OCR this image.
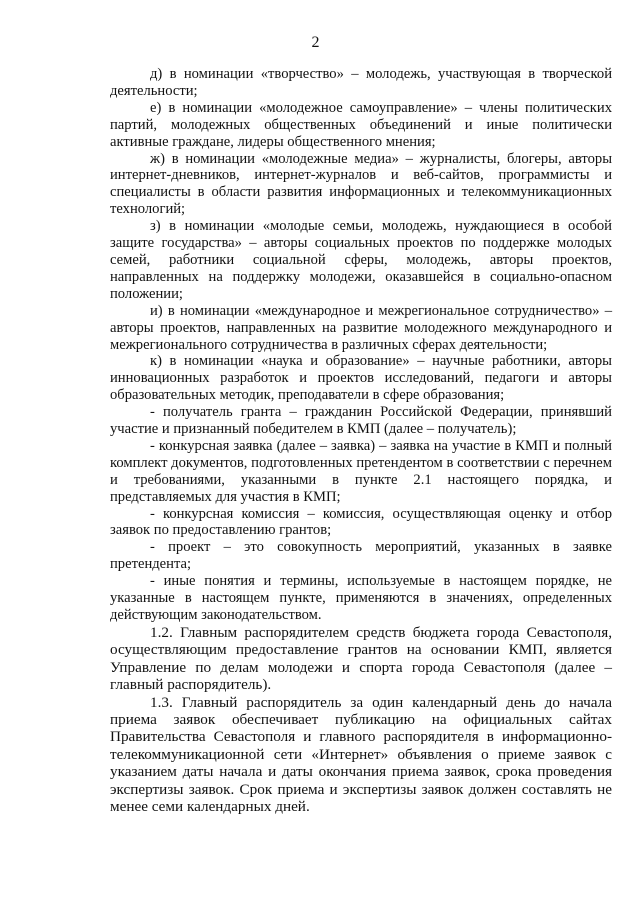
2

д) в номинации «творчество» – молодежь, участвующая в творческой деятельности;

е) в номинации «молодежное самоуправление» – члены политических партий, молодежных общественных объединений и иные политически активные граждане, лидеры общественного мнения;

ж) в номинации «молодежные медиа» – журналисты, блогеры, авторы интернет-дневников, интернет-журналов и веб-сайтов, программисты и специалисты в области развития информационных и телекоммуникационных технологий;

з) в номинации «молодые семьи, молодежь, нуждающиеся в особой защите государства» – авторы социальных проектов по поддержке молодых семей, работники социальной сферы, молодежь, авторы проектов, направленных на поддержку молодежи, оказавшейся в социально-опасном положении;

и) в номинации «международное и межрегиональное сотрудничество» – авторы проектов, направленных на развитие молодежного международного и межрегионального сотрудничества в различных сферах деятельности;

к) в номинации «наука и образование» – научные работники, авторы инновационных разработок и проектов исследований, педагоги и авторы образовательных методик, преподаватели в сфере образования;

- получатель гранта – гражданин Российской Федерации, принявший участие и признанный победителем в КМП (далее – получатель);

- конкурсная заявка (далее – заявка) – заявка на участие в КМП и полный комплект документов, подготовленных претендентом в соответствии с перечнем и требованиями, указанными в пункте 2.1 настоящего порядка, и представляемых для участия в КМП;

- конкурсная комиссия – комиссия, осуществляющая оценку и отбор заявок по предоставлению грантов;

- проект – это совокупность мероприятий, указанных в заявке претендента;

- иные понятия и термины, используемые в настоящем порядке, не указанные в настоящем пункте, применяются в значениях, определенных действующим законодательством.

1.2. Главным распорядителем средств бюджета города Севастополя, осуществляющим предоставление грантов на основании КМП, является Управление по делам молодежи и спорта города Севастополя (далее – главный распорядитель).

1.3. Главный распорядитель за один календарный день до начала приема заявок обеспечивает публикацию на официальных сайтах Правительства Севастополя и главного распорядителя в информационно-телекоммуникационной сети «Интернет» объявления о приеме заявок с указанием даты начала и даты окончания приема заявок, срока проведения экспертизы заявок. Срок приема и экспертизы заявок должен составлять не менее семи календарных дней.
